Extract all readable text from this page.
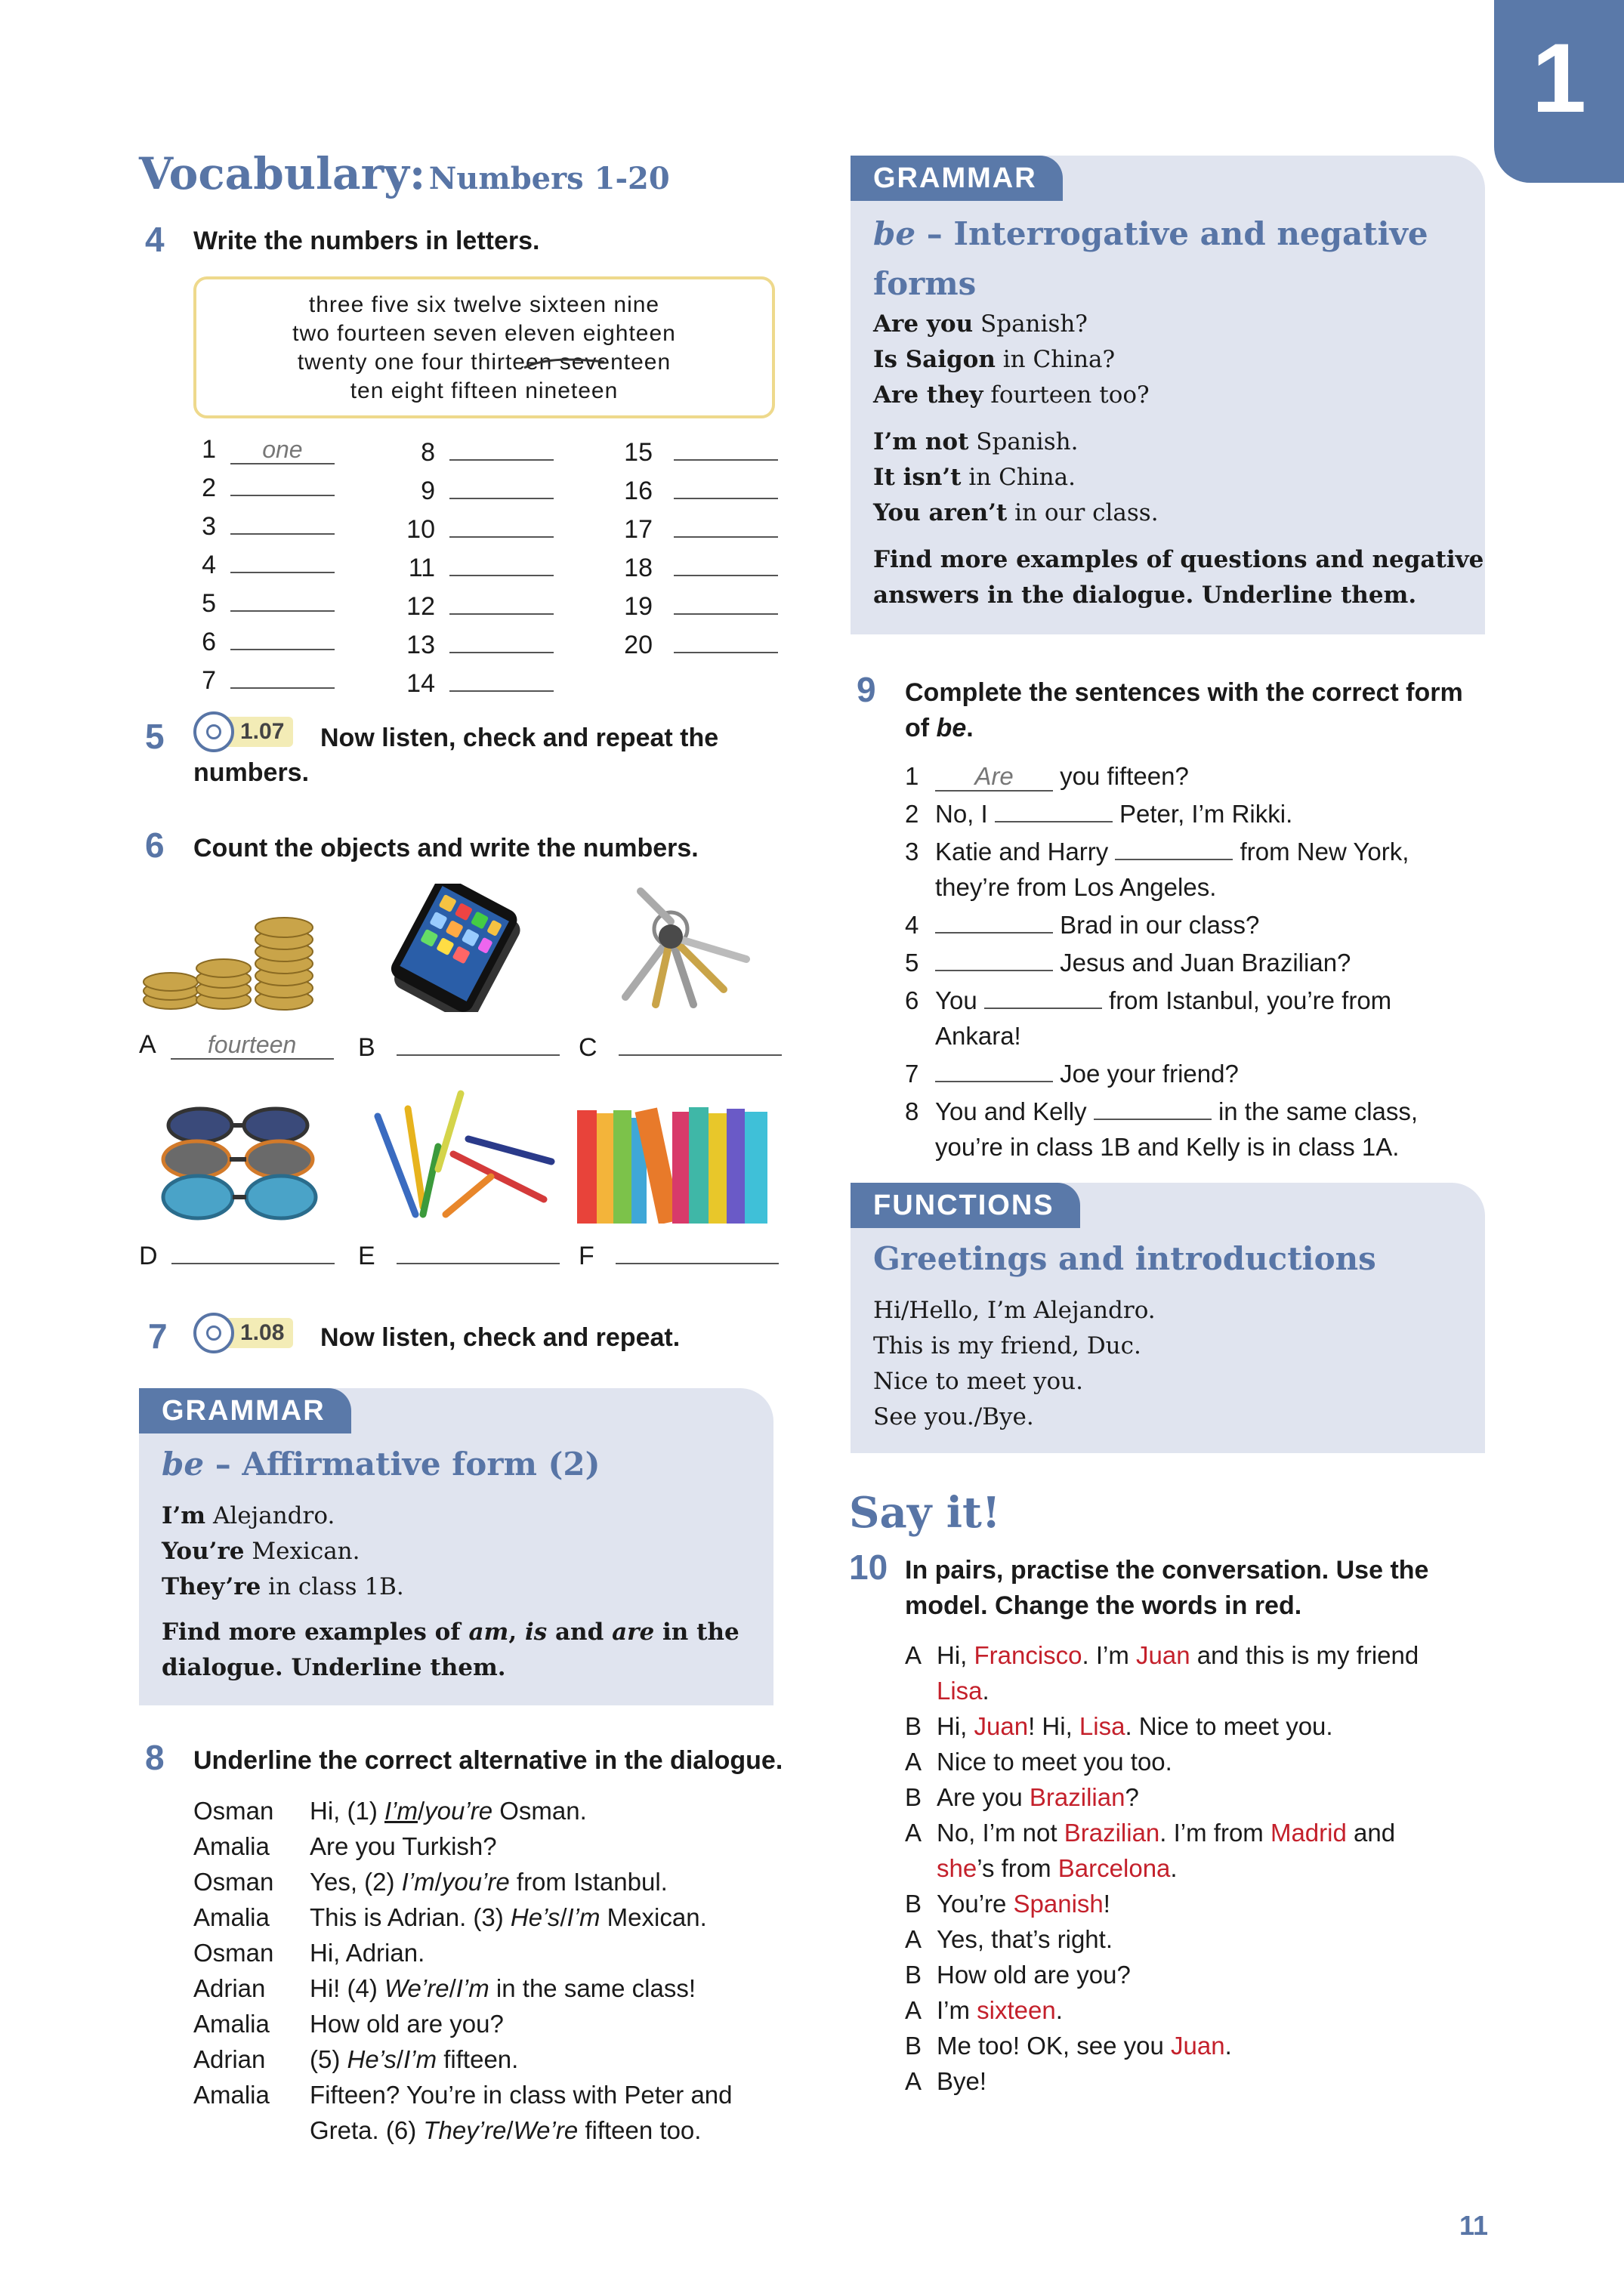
1
Vocabulary: Numbers 1-20
4 Write the numbers in letters.
three five six twelve sixteen nine
two fourteen seven eleven eighteen
twenty one four thirteen seventeen
ten eight fifteen nineteen
1 one
2
3
4
5
6
7
8
9
10
11
12
13
14
15
16
17
18
19
20
5	1.07	Now listen, check and repeat the
numbers.
6 Count the objects and write the numbers.
A fourteen	B	C
D	E	F
7	1.08	Now listen, check and repeat.
GRAMMAR
be – Affirmative form (2)
I’m Alejandro.
You’re Mexican.
They’re in class 1B.
Find more examples of am, is and are in the
dialogue. Underline them.
8 Underline the correct alternative in the dialogue.
Osman Hi, (1) I’m/you’re Osman.
Amalia Are you Turkish?
Osman Yes, (2) I’m/you’re from Istanbul.
Amalia This is Adrian. (3) He’s/I’m Mexican.
Osman Hi, Adrian.
Adrian Hi! (4) We’re/I’m in the same class!
Amalia How old are you?
Adrian (5) He’s/I’m fifteen.
Amalia Fifteen? You’re in class with Peter and
Greta. (6) They’re/We’re fifteen too.
GRAMMAR
be – Interrogative and negative
forms
Are you Spanish?
Is Saigon in China?
Are they fourteen too?
I’m not Spanish.
It isn’t in China.
You aren’t in our class.
Find more examples of questions and negative
answers in the dialogue. Underline them.
9 Complete the sentences with the correct form
of be.
1 Are you fifteen?
2 No, I	Peter, I’m Rikki.
3 Katie and Harry	from New York,
they’re from Los Angeles.
4	Brad in our class?
5	Jesus and Juan Brazilian?
6 You	from Istanbul, you’re from
Ankara!
7	Joe your friend?
8 You and Kelly	in the same class,
you’re in class 1B and Kelly is in class 1A.
FUNCTIONS
Greetings and introductions
Hi/Hello, I’m Alejandro.
This is my friend, Duc.
Nice to meet you.
See you./Bye.
Say it!
10 In pairs, practise the conversation. Use the
model. Change the words in red.
A Hi, Francisco. I’m Juan and this is my friend
Lisa.
B Hi, Juan! Hi, Lisa. Nice to meet you.
A Nice to meet you too.
B Are you Brazilian?
A No, I’m not Brazilian. I’m from Madrid and
she’s from Barcelona.
B You’re Spanish!
A Yes, that’s right.
B How old are you?
A I’m sixteen.
B Me too! OK, see you Juan.
A Bye!
11
